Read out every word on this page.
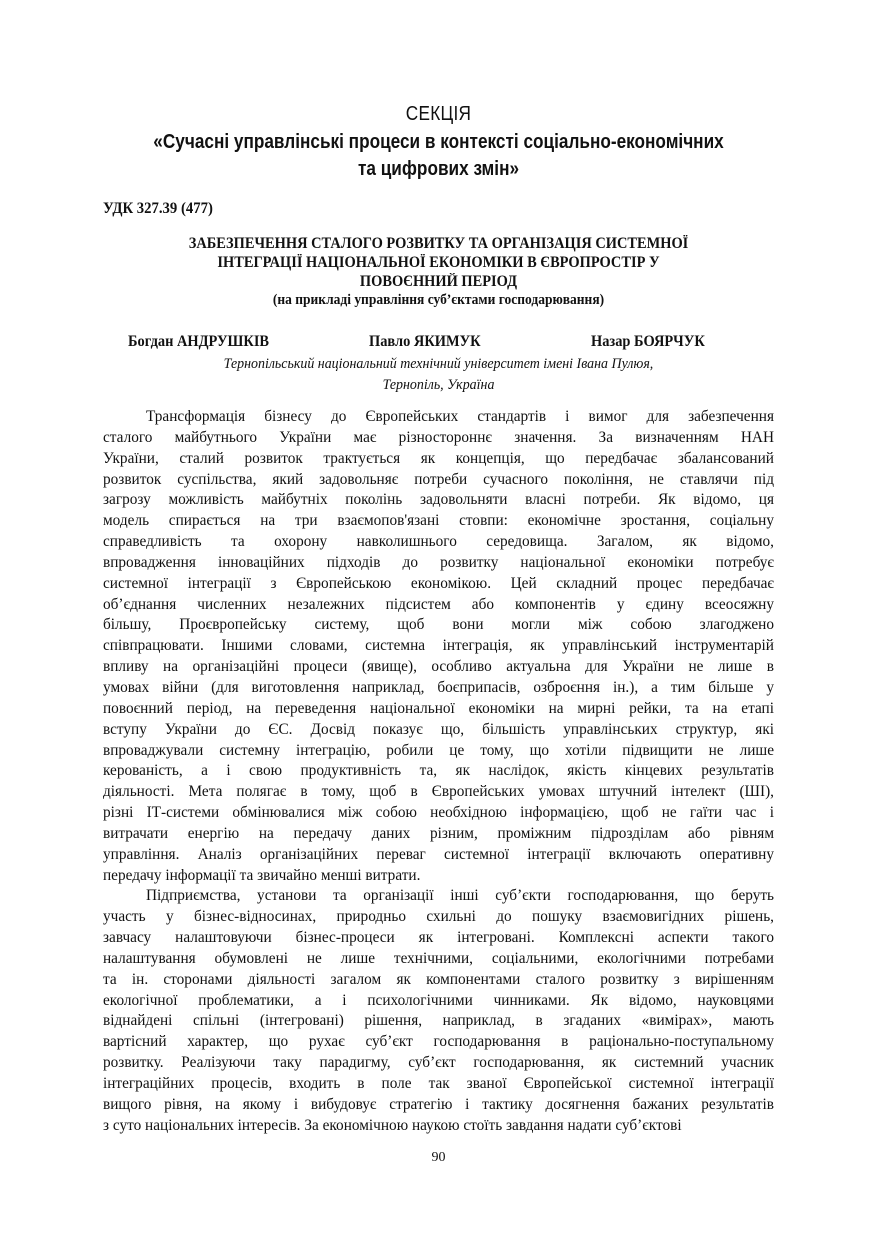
СЕКЦІЯ
«Сучасні управлінські процеси в контексті соціально-економічних
та цифрових змін»
УДК 327.39 (477)
ЗАБЕЗПЕЧЕННЯ СТАЛОГО РОЗВИТКУ ТА ОРГАНІЗАЦІЯ СИСТЕМНОЇ
ІНТЕГРАЦІЇ НАЦІОНАЛЬНОЇ ЕКОНОМІКИ В ЄВРОПРОСТІР У
ПОВОЄННИЙ ПЕРІОД
(на прикладі управління суб’єктами господарювання)
Богдан АНДРУШКІВ	Павло ЯКИМУК	Назар БОЯРЧУК
Тернопільський національний технічний університет імені Івана Пулюя,
Тернопіль, Україна
Трансформація бізнесу до Європейських стандартів і вимог для забезпечення
сталого майбутнього України має різностороннє значення. За визначенням НАН
України, сталий розвиток трактується як концепція, що передбачає збалансований
розвиток суспільства, який задовольняє потреби сучасного покоління, не ставлячи під
загрозу можливість майбутніх поколінь задовольняти власні потреби. Як відомо, ця
модель спирається на три взаємопов'язані стовпи: економічне зростання, соціальну
справедливість та охорону навколишнього середовища. Загалом, як відомо,
впровадження інноваційних підходів до розвитку національної економіки потребує
системної інтеграції з Європейською економікою. Цей складний процес передбачає
об’єднання численних незалежних підсистем або компонентів у єдину всеосяжну
більшу, Проєвропейську систему, щоб вони могли між собою злагоджено
співпрацювати. Іншими словами, системна інтеграція, як управлінський інструментарій
впливу на організаційні процеси (явище), особливо актуальна для України не лише в
умовах війни (для виготовлення наприклад, боєприпасів, озброєння ін.), а тим більше у
повоєнний період, на переведення національної економіки на мирні рейки, та на етапі
вступу України до ЄС. Досвід показує що, більшість управлінських структур, які
впроваджували системну інтеграцію, робили це тому, що хотіли підвищити не лише
керованість, а і свою продуктивність та, як наслідок, якість кінцевих результатів
діяльності. Мета полягає в тому, щоб в Європейських умовах штучний інтелект (ШІ),
різні ІТ-системи обмінювалися між собою необхідною інформацією, щоб не гаїти час і
витрачати енергію на передачу даних різним, проміжним підрозділам або рівням
управління. Аналіз організаційних переваг системної інтеграції включають оперативну
передачу інформації та звичайно менші витрати.
Підприємства, установи та організації інші суб’єкти господарювання, що беруть
участь у бізнес-відносинах, природньо схильні до пошуку взаємовигідних рішень,
завчасу налаштовуючи бізнес-процеси як інтегровані. Комплексні аспекти такого
налаштування обумовлені не лише технічними, соціальними, екологічними потребами
та ін. сторонами діяльності загалом як компонентами сталого розвитку з вирішенням
екологічної проблематики, а і психологічними чинниками. Як відомо, науковцями
віднайдені спільні (інтегровані) рішення, наприклад, в згаданих «вимірах», мають
вартісний характер, що рухає суб’єкт господарювання в раціонально-поступальному
розвитку. Реалізуючи таку парадигму, суб’єкт господарювання, як системний учасник
інтеграційних процесів, входить в поле так званої Європейської системної інтеграції
вищого рівня, на якому і вибудовує стратегію і тактику досягнення бажаних результатів
з суто національних інтересів. За економічною наукою стоїть завдання надати суб’єктові
90
